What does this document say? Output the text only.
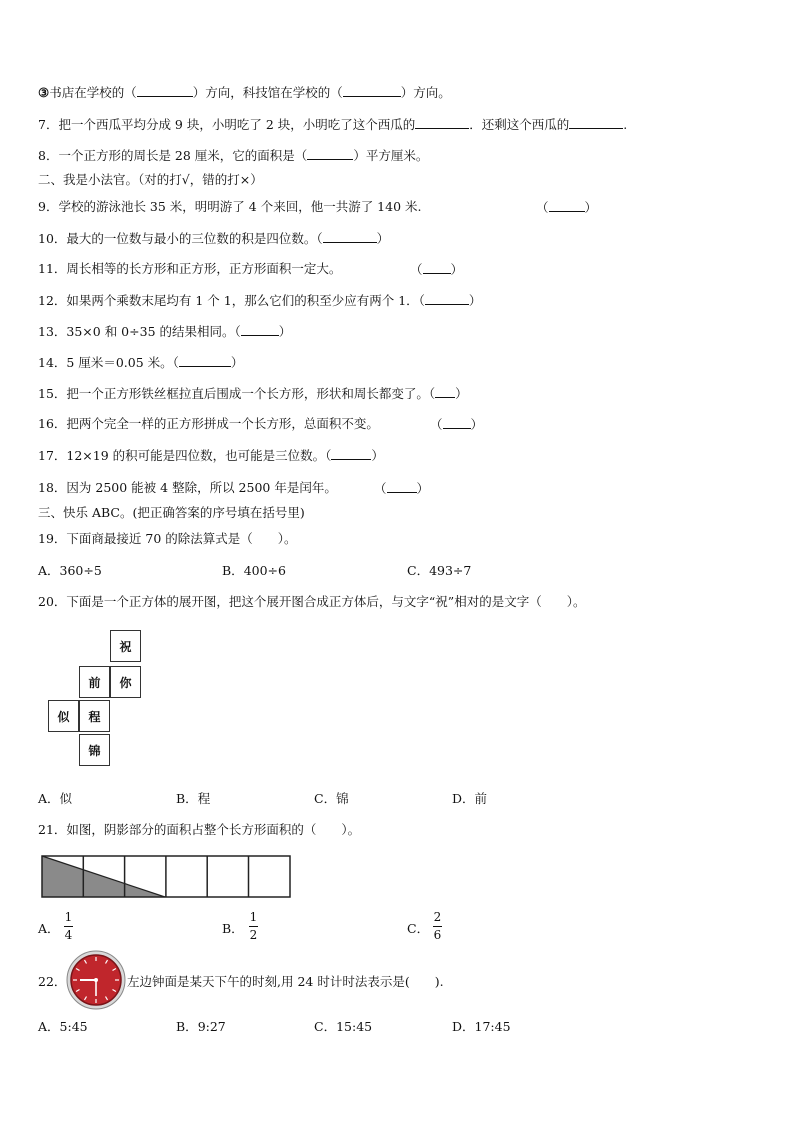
③书店在学校的（	）方向，科技馆在学校的（	）方向。
7．把一个西瓜平均分成 9 块，小明吃了 2 块，小明吃了这个西瓜的	．还剩这个西瓜的	.
8．一个正方形的周长是 28 厘米，它的面积是（	）平方厘米。
二、我是小法官。（对的打√，错的打×）
9．学校的游泳池长 35 米，明明游了 4 个来回，他一共游了 140 米.	（	）
10．最大的一位数与最小的三位数的积是四位数。（	）
11．周长相等的长方形和正方形，正方形面积一定大。	（ ）
12．如果两个乘数末尾均有 1 个 1，那么它们的积至少应有两个 1．（	）
13．35×0 和 0÷35 的结果相同。（	）
14．5 厘米＝0.05 米。（	）
15．把一个正方形铁丝框拉直后围成一个长方形，形状和周长都变了。（ ）
16．把两个完全一样的正方形拼成一个长方形，总面积不变。	（ ）
17．12×19 的积可能是四位数，也可能是三位数。（	）
18．因为 2500 能被 4 整除，所以 2500 年是闰年。	（ ）
三、快乐 ABC。(把正确答案的序号填在括号里)
19．下面商最接近 70 的除法算式是（　　）。
A．360÷5	B．400÷6	C．493÷7
20．下面是一个正方体的展开图，把这个展开图合成正方体后，与文字“祝”相对的是文字（　　）。
祝
前	你
似	程
锦
A．似	B．程	C．锦	D．前
21．如图，阴影部分的面积占整个长方形面积的（　　）。
A．
1
4	B．
1
2	C．
2
6
22．	左边钟面是某天下午的时刻,用 24 时计时法表示是(　　).
A．5:45	B．9:27	C．15:45	D．17:45
